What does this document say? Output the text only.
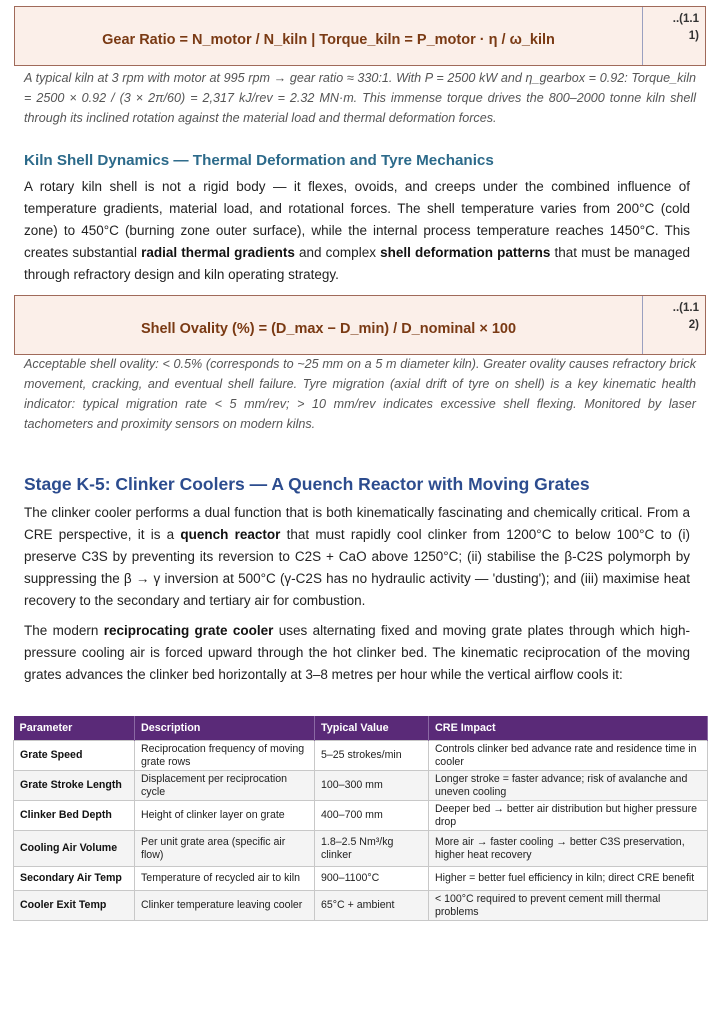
Gear Ratio = N_motor / N_kiln | Torque_kiln = P_motor · η / ω_kiln
..(1.1
1)
A typical kiln at 3 rpm with motor at 995 rpm → gear ratio ≈ 330:1. With P = 2500 kW and η_gearbox = 0.92: Torque_kiln = 2500 × 0.92 / (3 × 2π/60) = 2,317 kJ/rev = 2.32 MN·m. This immense torque drives the 800–2000 tonne kiln shell through its inclined rotation against the material load and thermal deformation forces.
Kiln Shell Dynamics — Thermal Deformation and Tyre Mechanics
A rotary kiln shell is not a rigid body — it flexes, ovoids, and creeps under the combined influence of temperature gradients, material load, and rotational forces. The shell temperature varies from 200°C (cold zone) to 450°C (burning zone outer surface), while the internal process temperature reaches 1450°C. This creates substantial radial thermal gradients and complex shell deformation patterns that must be managed through refractory design and kiln operating strategy.
Shell Ovality (%) = (D_max − D_min) / D_nominal × 100
..(1.1
2)
Acceptable shell ovality: < 0.5% (corresponds to ~25 mm on a 5 m diameter kiln). Greater ovality causes refractory brick movement, cracking, and eventual shell failure. Tyre migration (axial drift of tyre on shell) is a key kinematic health indicator: typical migration rate < 5 mm/rev; > 10 mm/rev indicates excessive shell flexing. Monitored by laser tachometers and proximity sensors on modern kilns.
Stage K-5: Clinker Coolers — A Quench Reactor with Moving Grates
The clinker cooler performs a dual function that is both kinematically fascinating and chemically critical. From a CRE perspective, it is a quench reactor that must rapidly cool clinker from 1200°C to below 100°C to (i) preserve C3S by preventing its reversion to C2S + CaO above 1250°C; (ii) stabilise the β-C2S polymorph by suppressing the β → γ inversion at 500°C (γ-C2S has no hydraulic activity — 'dusting'); and (iii) maximise heat recovery to the secondary and tertiary air for combustion.
The modern reciprocating grate cooler uses alternating fixed and moving grate plates through which high-pressure cooling air is forced upward through the hot clinker bed. The kinematic reciprocation of the moving grates advances the clinker bed horizontally at 3–8 metres per hour while the vertical airflow cools it:
Parameter	Description	Typical Value	CRE Impact
Grate Speed	Reciprocation frequency of moving grate rows	5–25 strokes/min	Controls clinker bed advance rate and residence time in cooler
Grate Stroke Length	Displacement per reciprocation cycle	100–300 mm	Longer stroke = faster advance; risk of avalanche and uneven cooling
Clinker Bed Depth	Height of clinker layer on grate	400–700 mm	Deeper bed → better air distribution but higher pressure drop
Cooling Air Volume	Per unit grate area (specific air flow)	1.8–2.5 Nm³/kg clinker	More air → faster cooling → better C3S preservation, higher heat recovery
Secondary Air Temp	Temperature of recycled air to kiln	900–1100°C	Higher = better fuel efficiency in kiln; direct CRE benefit
Cooler Exit Temp	Clinker temperature leaving cooler	65°C + ambient	< 100°C required to prevent cement mill thermal problems
